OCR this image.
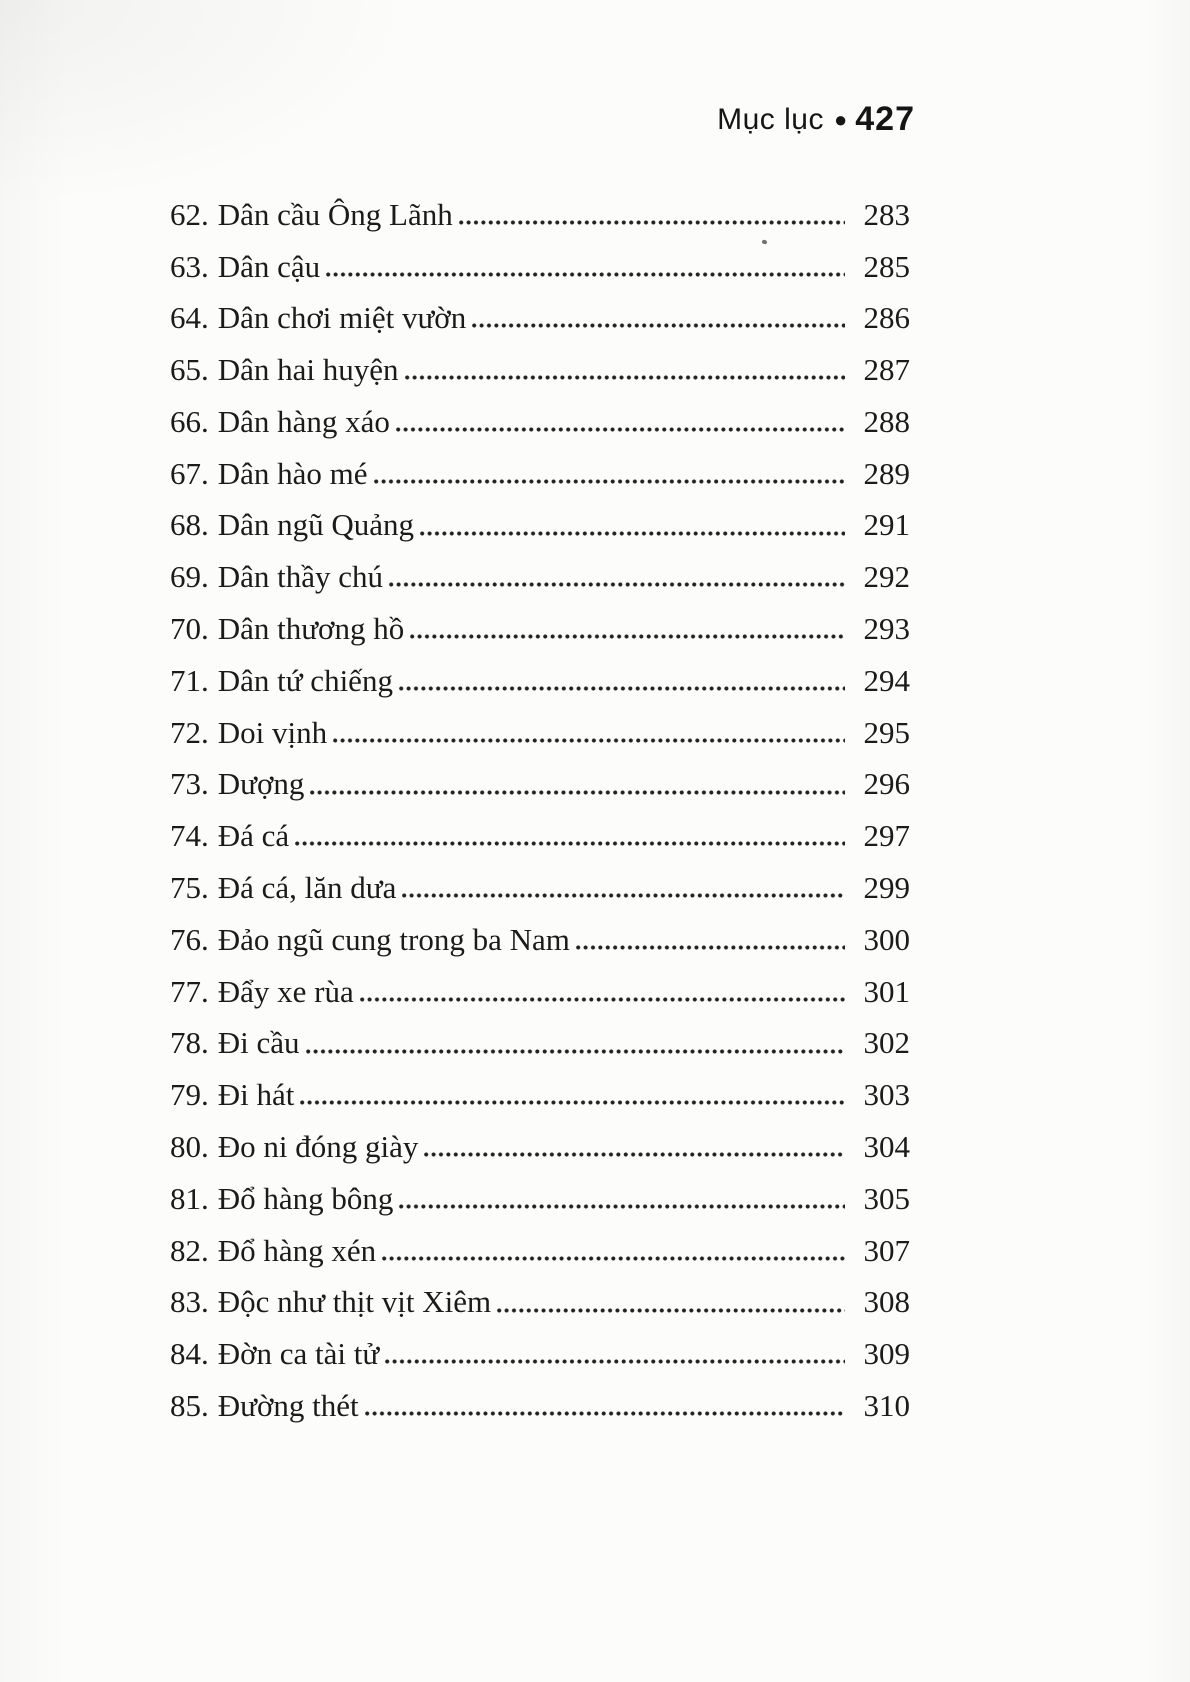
Mục lục ● 427
62. Dân cầu Ông Lãnh	283
63. Dân cậu	285
64. Dân chơi miệt vườn	286
65. Dân hai huyện	287
66. Dân hàng xáo	288
67. Dân hào mé	289
68. Dân ngũ Quảng	291
69. Dân thầy chú	292
70. Dân thương hồ	293
71. Dân tứ chiếng	294
72. Doi vịnh	295
73. Dượng	296
74. Đá cá	297
75. Đá cá, lăn dưa	299
76. Đảo ngũ cung trong ba Nam	300
77. Đẩy xe rùa	301
78. Đi cầu	302
79. Đi hát	303
80. Đo ni đóng giày	304
81. Đổ hàng bông	305
82. Đổ hàng xén	307
83. Độc như thịt vịt Xiêm	308
84. Đờn ca tài tử	309
85. Đường thét	310
